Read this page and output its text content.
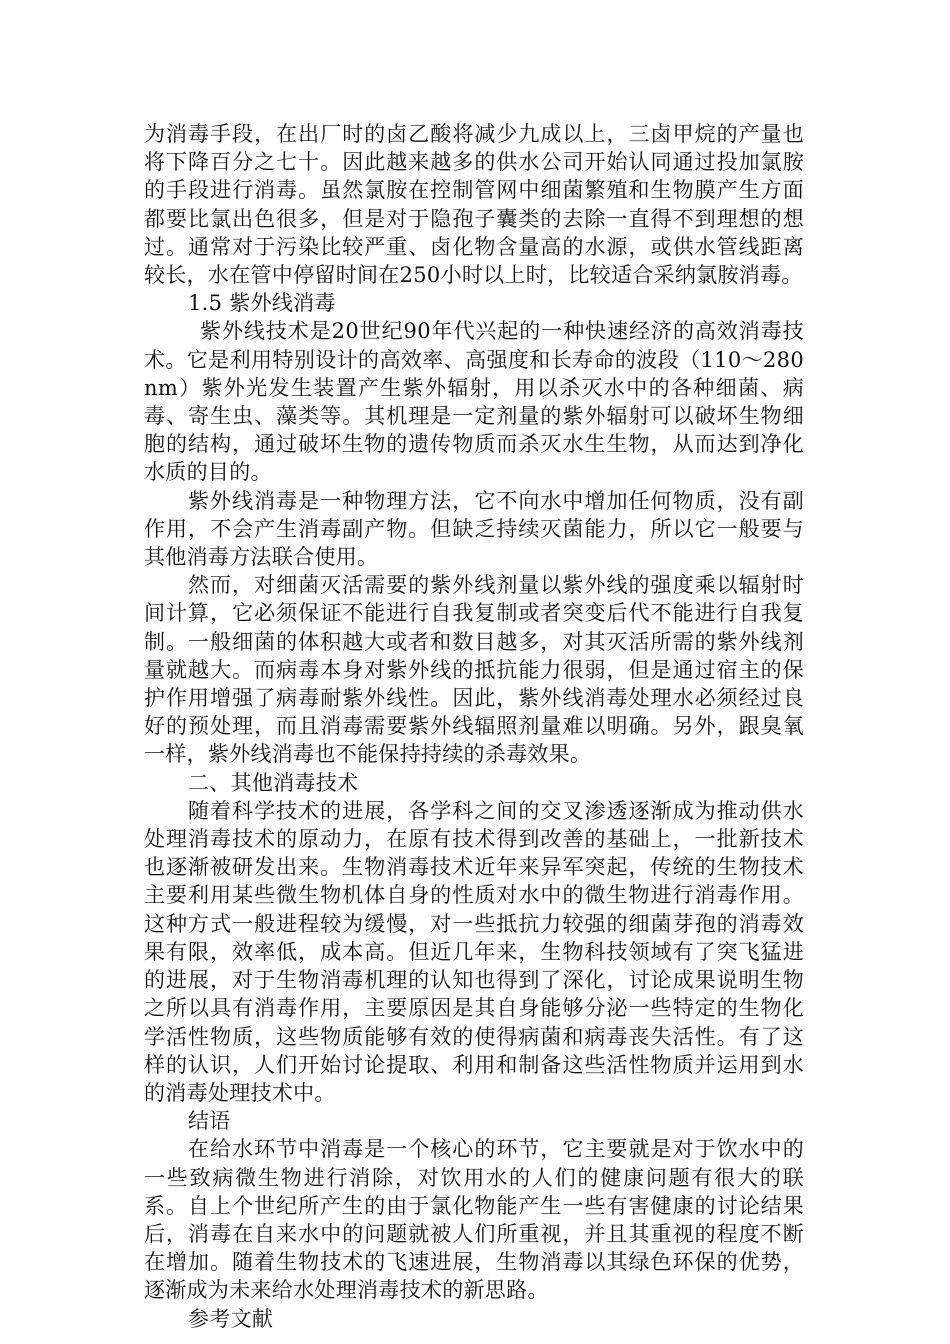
为消毒手段，在出厂时的卤乙酸将减少九成以上，三卤甲烷的产量也将下降百分之七十。因此越来越多的供水公司开始认同通过投加氯胺的手段进行消毒。虽然氯胺在控制管网中细菌繁殖和生物膜产生方面都要比氯出色很多，但是对于隐孢子囊类的去除一直得不到理想的想过。通常对于污染比较严重、卤化物含量高的水源，或供水管线距离较长，水在管中停留时间在250小时以上时，比较适合采纳氯胺消毒。

1.5 紫外线消毒

紫外线技术是20世纪90年代兴起的一种快速经济的高效消毒技术。它是利用特别设计的高效率、高强度和长寿命的波段（110～280nm）紫外光发生装置产生紫外辐射，用以杀灭水中的各种细菌、病毒、寄生虫、藻类等。其机理是一定剂量的紫外辐射可以破坏生物细胞的结构，通过破坏生物的遗传物质而杀灭水生生物，从而达到净化水质的目的。

紫外线消毒是一种物理方法，它不向水中增加任何物质，没有副作用，不会产生消毒副产物。但缺乏持续灭菌能力，所以它一般要与其他消毒方法联合使用。

然而，对细菌灭活需要的紫外线剂量以紫外线的强度乘以辐射时间计算，它必须保证不能进行自我复制或者突变后代不能进行自我复制。一般细菌的体积越大或者和数目越多，对其灭活所需的紫外线剂量就越大。而病毒本身对紫外线的抵抗能力很弱，但是通过宿主的保护作用增强了病毒耐紫外线性。因此，紫外线消毒处理水必须经过良好的预处理，而且消毒需要紫外线辐照剂量难以明确。另外，跟臭氧一样，紫外线消毒也不能保持持续的杀毒效果。

二、其他消毒技术

随着科学技术的进展，各学科之间的交叉渗透逐渐成为推动供水处理消毒技术的原动力，在原有技术得到改善的基础上，一批新技术也逐渐被研发出来。生物消毒技术近年来异军突起，传统的生物技术主要利用某些微生物机体自身的性质对水中的微生物进行消毒作用。这种方式一般进程较为缓慢，对一些抵抗力较强的细菌芽孢的消毒效果有限，效率低，成本高。但近几年来，生物科技领域有了突飞猛进的进展，对于生物消毒机理的认知也得到了深化，讨论成果说明生物之所以具有消毒作用，主要原因是其自身能够分泌一些特定的生物化学活性物质，这些物质能够有效的使得病菌和病毒丧失活性。有了这样的认识，人们开始讨论提取、利用和制备这些活性物质并运用到水的消毒处理技术中。

结语

在给水环节中消毒是一个核心的环节，它主要就是对于饮水中的一些致病微生物进行消除，对饮用水的人们的健康问题有很大的联系。自上个世纪所产生的由于氯化物能产生一些有害健康的讨论结果后，消毒在自来水中的问题就被人们所重视，并且其重视的程度不断在增加。随着生物技术的飞速进展，生物消毒以其绿色环保的优势，逐渐成为未来给水处理消毒技术的新思路。

参考文献
